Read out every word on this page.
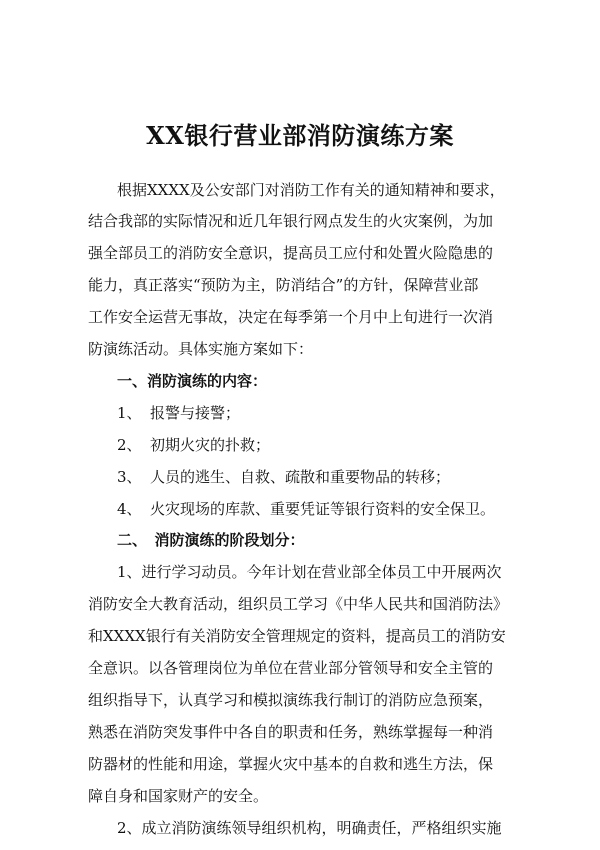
XX银行营业部消防演练方案
根据XXXX及公安部门对消防工作有关的通知精神和要求，
结合我部的实际情况和近几年银行网点发生的火灾案例，为加
强全部员工的消防安全意识，提高员工应付和处置火险隐患的
能力，真正落实“预防为主，防消结合”的方针，保障营业部
工作安全运营无事故，决定在每季第一个月中上旬进行一次消
防演练活动。具体实施方案如下：
一、消防演练的内容：
1、 报警与接警；
2、 初期火灾的扑救；
3、 人员的逃生、自救、疏散和重要物品的转移；
4、 火灾现场的库款、重要凭证等银行资料的安全保卫。
二、　消防演练的阶段划分：
1、进行学习动员。今年计划在营业部全体员工中开展两次
消防安全大教育活动，组织员工学习《中华人民共和国消防法》
和XXXX银行有关消防安全管理规定的资料，提高员工的消防安
全意识。以各管理岗位为单位在营业部分管领导和安全主管的
组织指导下，认真学习和模拟演练我行制订的消防应急预案，
熟悉在消防突发事件中各自的职责和任务，熟练掌握每一种消
防器材的性能和用途，掌握火灾中基本的自救和逃生方法，保
障自身和国家财产的安全。
2、成立消防演练领导组织机构，明确责任，严格组织实施
